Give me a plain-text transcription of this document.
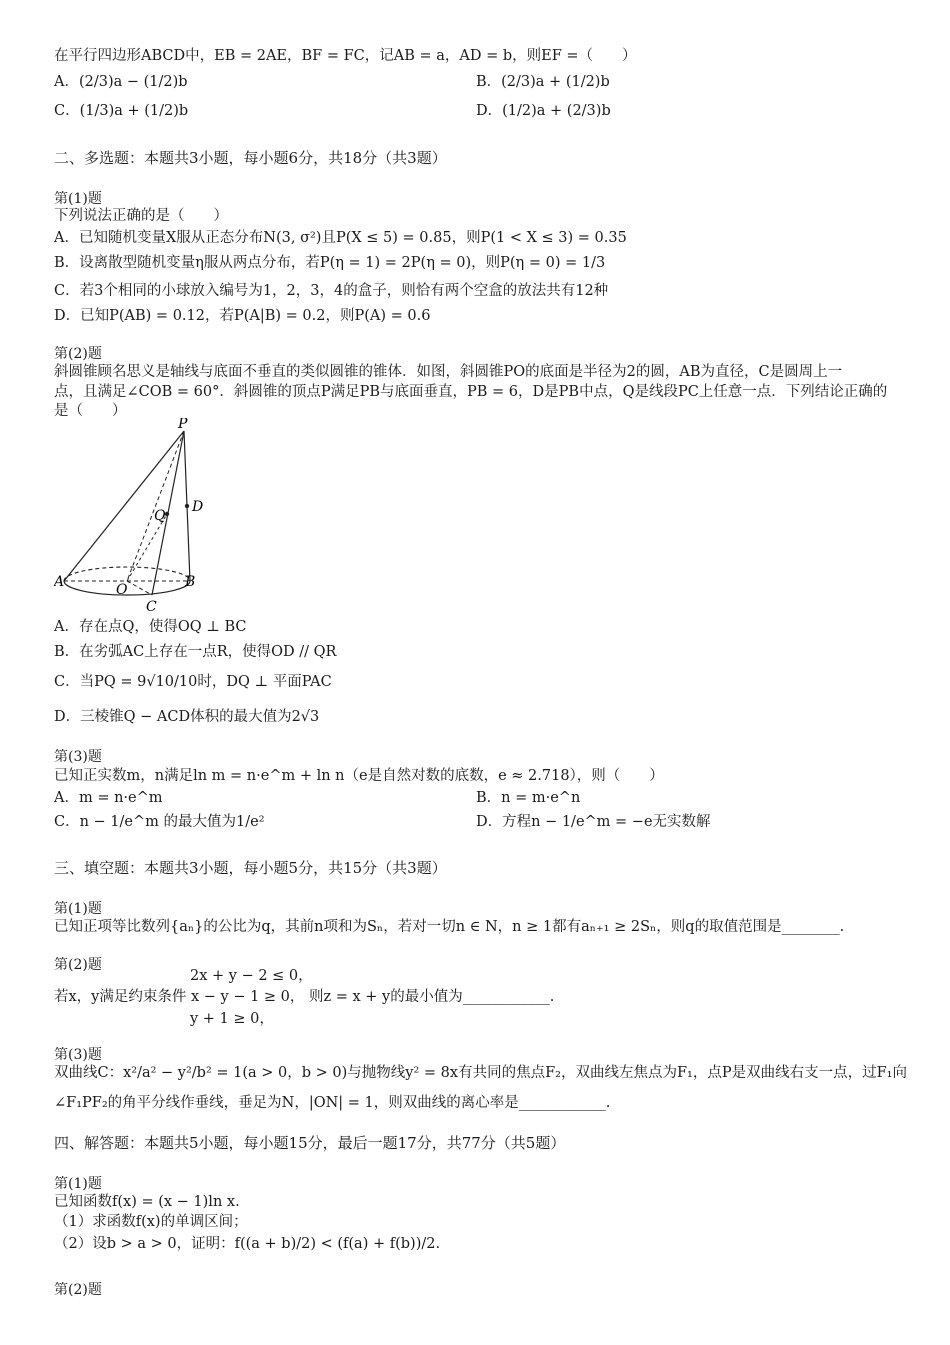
在平行四边形ABCD中，EB = 2AE，BF = FC，记AB = a，AD = b，则EF =（　　）
A．(2/3)a − (1/2)b	B．(2/3)a + (1/2)b
C．(1/3)a + (1/2)b	D．(1/2)a + (2/3)b
二、多选题：本题共3小题，每小题6分，共18分（共3题）
第(1)题
下列说法正确的是（　　）
A．已知随机变量X服从正态分布N(3, σ²)且P(X ≤ 5) = 0.85，则P(1 < X ≤ 3) = 0.35
B．设离散型随机变量η服从两点分布，若P(η = 1) = 2P(η = 0)，则P(η = 0) = 1/3
C．若3个相同的小球放入编号为1，2，3，4的盒子，则恰有两个空盒的放法共有12种
D．已知P(AB) = 0.12，若P(A|B) = 0.2，则P(A) = 0.6
第(2)题
斜圆锥顾名思义是轴线与底面不垂直的类似圆锥的锥体．如图，斜圆锥PO的底面是半径为2的圆，AB为直径，C是圆周上一
点，且满足∠COB = 60°．斜圆锥的顶点P满足PB与底面垂直，PB = 6，D是PB中点，Q是线段PC上任意一点．下列结论正确的
是（　　）
A．存在点Q，使得OQ ⊥ BC
B．在劣弧AC上存在一点R，使得OD // QR
C．当PQ = 9√10/10时，DQ ⊥ 平面PAC
D．三棱锥Q − ACD体积的最大值为2√3
第(3)题
已知正实数m，n满足ln m = n·e^m + ln n（e是自然对数的底数，e ≈ 2.718），则（　　）
A．m = n·e^m	B．n = m·e^n
C．n − 1/e^m 的最大值为1/e²	D．方程n − 1/e^m = −e无实数解
三、填空题：本题共3小题，每小题5分，共15分（共3题）
第(1)题
已知正项等比数列{aₙ}的公比为q，其前n项和为Sₙ，若对一切n ∈ N，n ≥ 1都有aₙ₊₁ ≥ 2Sₙ，则q的取值范围是________.
第(2)题
2x + y − 2 ≤ 0，
若x，y满足约束条件 x − y − 1 ≥ 0， 则z = x + y的最小值为____________.
y + 1 ≥ 0，
第(3)题
双曲线C：x²/a² − y²/b² = 1(a > 0，b > 0)与抛物线y² = 8x有共同的焦点F₂，双曲线左焦点为F₁，点P是双曲线右支一点，过F₁向
∠F₁PF₂的角平分线作垂线，垂足为N，|ON| = 1，则双曲线的离心率是____________.
四、解答题：本题共5小题，每小题15分，最后一题17分，共77分（共5题）
第(1)题
已知函数f(x) = (x − 1)ln x.
（1）求函数f(x)的单调区间；
（2）设b > a > 0，证明：f((a + b)/2) < (f(a) + f(b))/2.
第(2)题
P
D
Q
A	B
O
C
